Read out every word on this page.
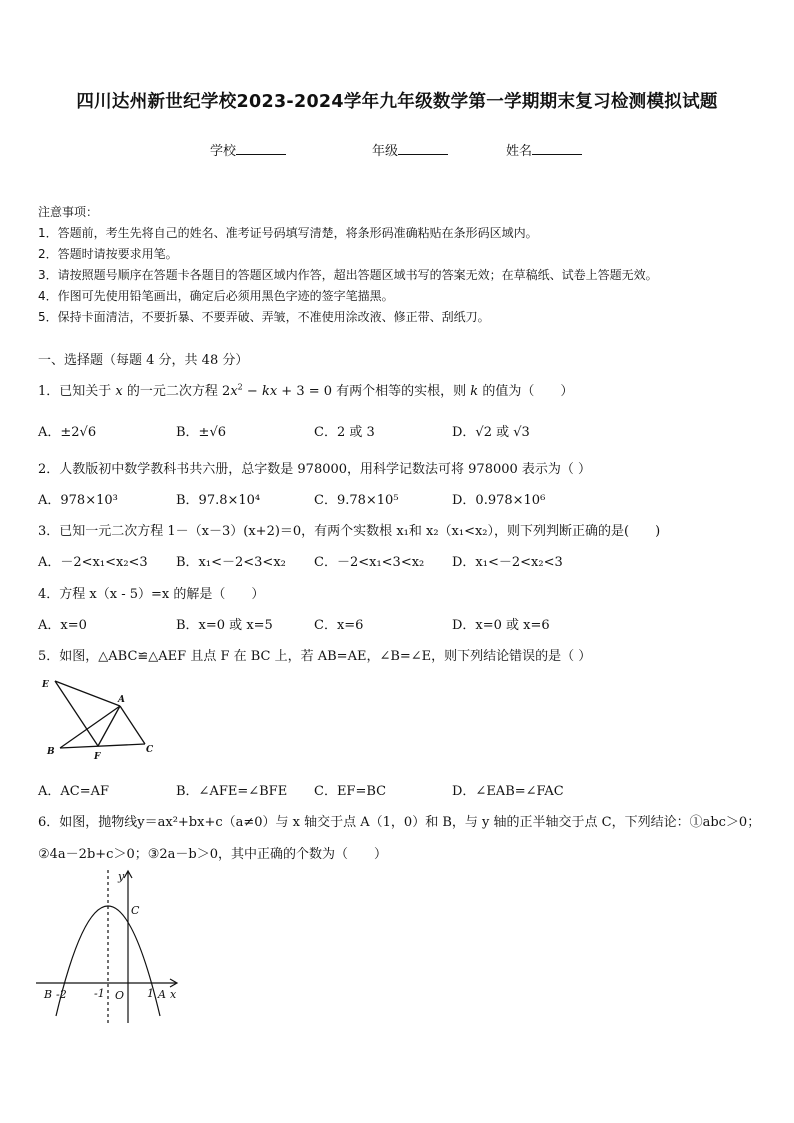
四川达州新世纪学校2023-2024学年九年级数学第一学期期末复习检测模拟试题
学校	年级	姓名
注意事项：
1．答题前，考生先将自己的姓名、准考证号码填写清楚，将条形码准确粘贴在条形码区域内。
2．答题时请按要求用笔。
3．请按照题号顺序在答题卡各题目的答题区域内作答，超出答题区域书写的答案无效；在草稿纸、试卷上答题无效。
4．作图可先使用铅笔画出，确定后必须用黑色字迹的签字笔描黑。
5．保持卡面清洁，不要折暴、不要弄破、弄皱，不准使用涂改液、修正带、刮纸刀。
一、选择题（每题 4 分，共 48 分）
1．已知关于 x 的一元二次方程 $2x^2$ − kx + 3 = 0 有两个相等的实根，则 k 的值为（　　）
A．±2√6	B．±√6	C．2 或 3	D．√2 或 √3
2．人教版初中数学教科书共六册，总字数是 978000，用科学记数法可将 978000 表示为（ ）
A．978×10³	B．97.8×10⁴	C．9.78×10⁵	D．0.978×10⁶
3．已知一元二次方程 1－（x－3）(x+2)＝0，有两个实数根 x₁和 x₂（x₁<x₂），则下列判断正确的是(　　)
A．－2<x₁<x₂<3 B．x₁<－2<3<x₂ C．－2<x₁<3<x₂ D．x₁<－2<x₂<3
4．方程 x（x - 5）=x 的解是（　　）
A．x=0	B．x=0 或 x=5	C．x=6	D．x=0 或 x=6
5．如图，△ABC≌△AEF 且点 F 在 BC 上，若 AB=AE，∠B=∠E，则下列结论错误的是（ ）
E
A
B	F
C
A．AC=AF	B．∠AFE=∠BFE C．EF=BC	D．∠EAB=∠FAC
6．如图，抛物线y＝ax²+bx+c（a≠0）与 x 轴交于点 A（1，0）和 B，与 y 轴的正半轴交于点 C，下列结论：①abc＞0；
②4a－2b+c＞0；③2a－b＞0，其中正确的个数为（　　）
y
C
B -2 -1 O 1 A x
